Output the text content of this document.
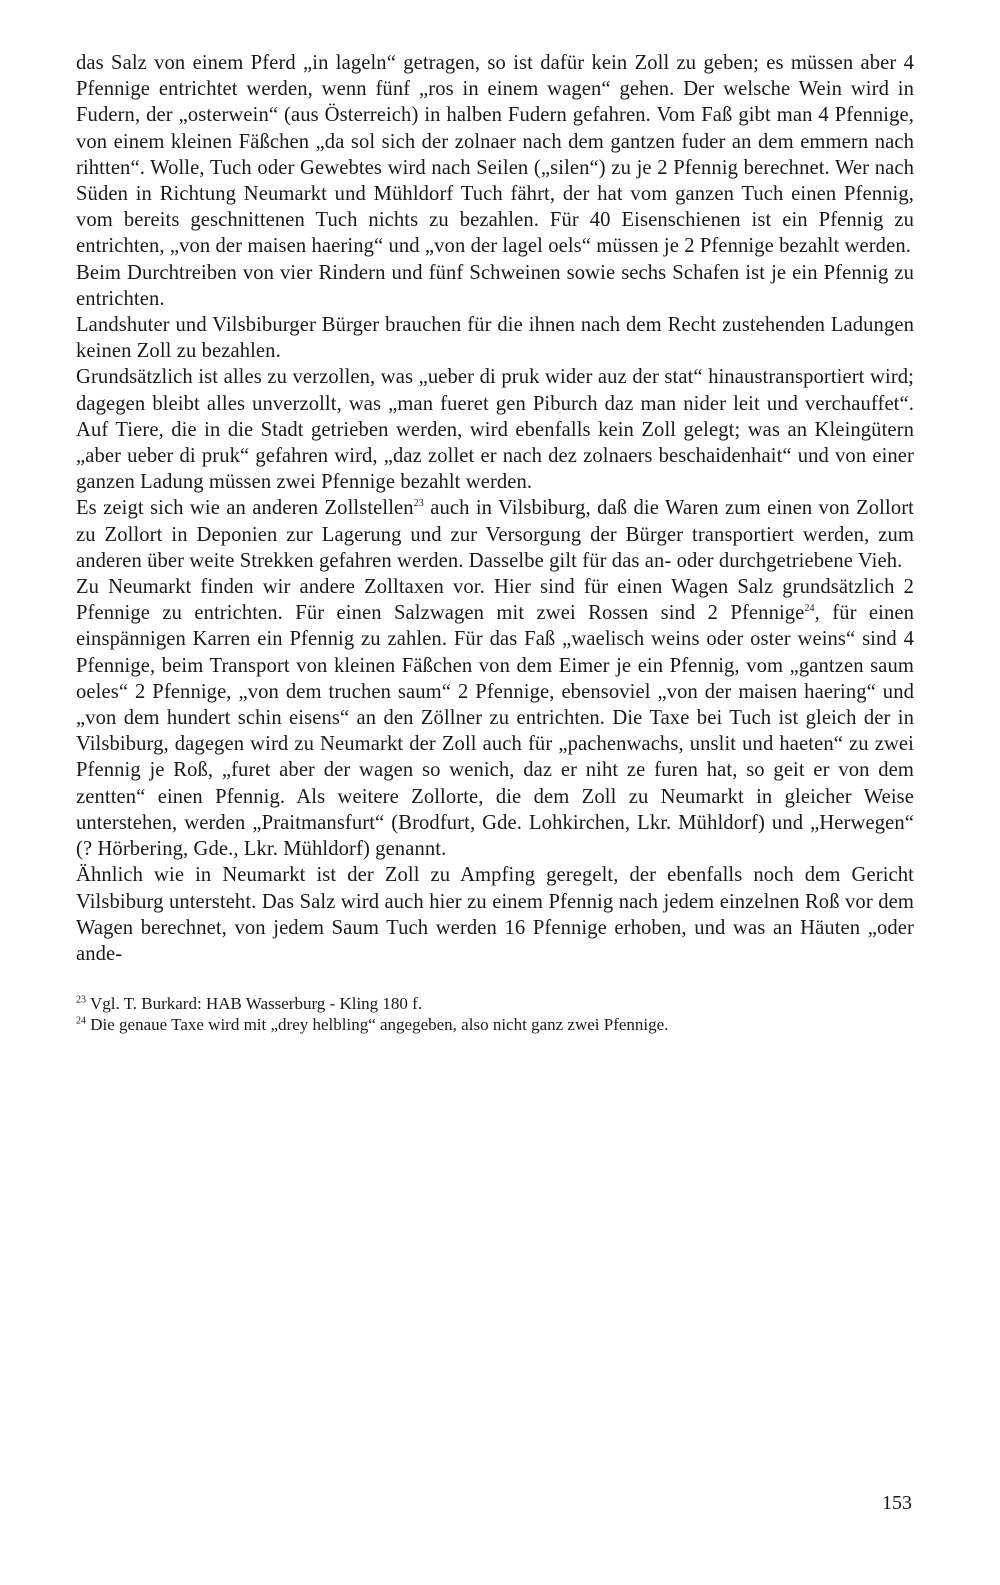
das Salz von einem Pferd „in lageln“ getragen, so ist dafür kein Zoll zu geben; es müssen aber 4 Pfennige entrichtet werden, wenn fünf „ros in einem wagen“ gehen. Der welsche Wein wird in Fudern, der „osterwein“ (aus Österreich) in halben Fudern gefahren. Vom Faß gibt man 4 Pfennige, von einem kleinen Fäßchen „da sol sich der zolnaer nach dem gantzen fuder an dem emmern nach rihtten“. Wolle, Tuch oder Gewebtes wird nach Seilen („silen“) zu je 2 Pfennig berechnet. Wer nach Süden in Richtung Neumarkt und Mühldorf Tuch fährt, der hat vom ganzen Tuch einen Pfennig, vom bereits geschnittenen Tuch nichts zu bezahlen. Für 40 Eisenschienen ist ein Pfennig zu entrichten, „von der maisen haering“ und „von der lagel oels“ müssen je 2 Pfennige bezahlt werden.

Beim Durchtreiben von vier Rindern und fünf Schweinen sowie sechs Schafen ist je ein Pfennig zu entrichten.

Landshuter und Vilsbiburger Bürger brauchen für die ihnen nach dem Recht zustehenden Ladungen keinen Zoll zu bezahlen.

Grundsätzlich ist alles zu verzollen, was „ueber di pruk wider auz der stat“ hinaustransportiert wird; dagegen bleibt alles unverzollt, was „man fueret gen Piburch daz man nider leit und verchauffet“. Auf Tiere, die in die Stadt getrieben werden, wird ebenfalls kein Zoll gelegt; was an Kleingütern „aber ueber di pruk“ gefahren wird, „daz zollet er nach dez zolnaers beschaidenhait“ und von einer ganzen Ladung müssen zwei Pfennige bezahlt werden.

Es zeigt sich wie an anderen Zollstellen$^{23}$ auch in Vilsbiburg, daß die Waren zum einen von Zollort zu Zollort in Deponien zur Lagerung und zur Versorgung der Bürger transportiert werden, zum anderen über weite Strekken gefahren werden. Dasselbe gilt für das an- oder durchgetriebene Vieh.

Zu Neumarkt finden wir andere Zolltaxen vor. Hier sind für einen Wagen Salz grundsätzlich 2 Pfennige zu entrichten. Für einen Salzwagen mit zwei Rossen sind 2 Pfennige$^{24}$, für einen einspännigen Karren ein Pfennig zu zahlen. Für das Faß „waelisch weins oder oster weins“ sind 4 Pfennige, beim Transport von kleinen Fäßchen von dem Eimer je ein Pfennig, vom „gantzen saum oeles“ 2 Pfennige, „von dem truchen saum“ 2 Pfennige, ebensoviel „von der maisen haering“ und „von dem hundert schin eisens“ an den Zöllner zu entrichten. Die Taxe bei Tuch ist gleich der in Vilsbiburg, dagegen wird zu Neumarkt der Zoll auch für „pachenwachs, unslit und haeten“ zu zwei Pfennig je Roß, „furet aber der wagen so wenich, daz er niht ze furen hat, so geit er von dem zentten“ einen Pfennig. Als weitere Zollorte, die dem Zoll zu Neumarkt in gleicher Weise unterstehen, werden „Praitmansfurt“ (Brodfurt, Gde. Lohkirchen, Lkr. Mühldorf) und „Herwegen“ (? Hörbering, Gde., Lkr. Mühldorf) genannt.

Ähnlich wie in Neumarkt ist der Zoll zu Ampfing geregelt, der ebenfalls noch dem Gericht Vilsbiburg untersteht. Das Salz wird auch hier zu einem Pfennig nach jedem einzelnen Roß vor dem Wagen berechnet, von jedem Saum Tuch werden 16 Pfennige erhoben, und was an Häuten „oder ande-

$^{23}$ Vgl. T. Burkard: HAB Wasserburg - Kling 180 f.

$^{24}$ Die genaue Taxe wird mit „drey helbling“ angegeben, also nicht ganz zwei Pfennige.

153
